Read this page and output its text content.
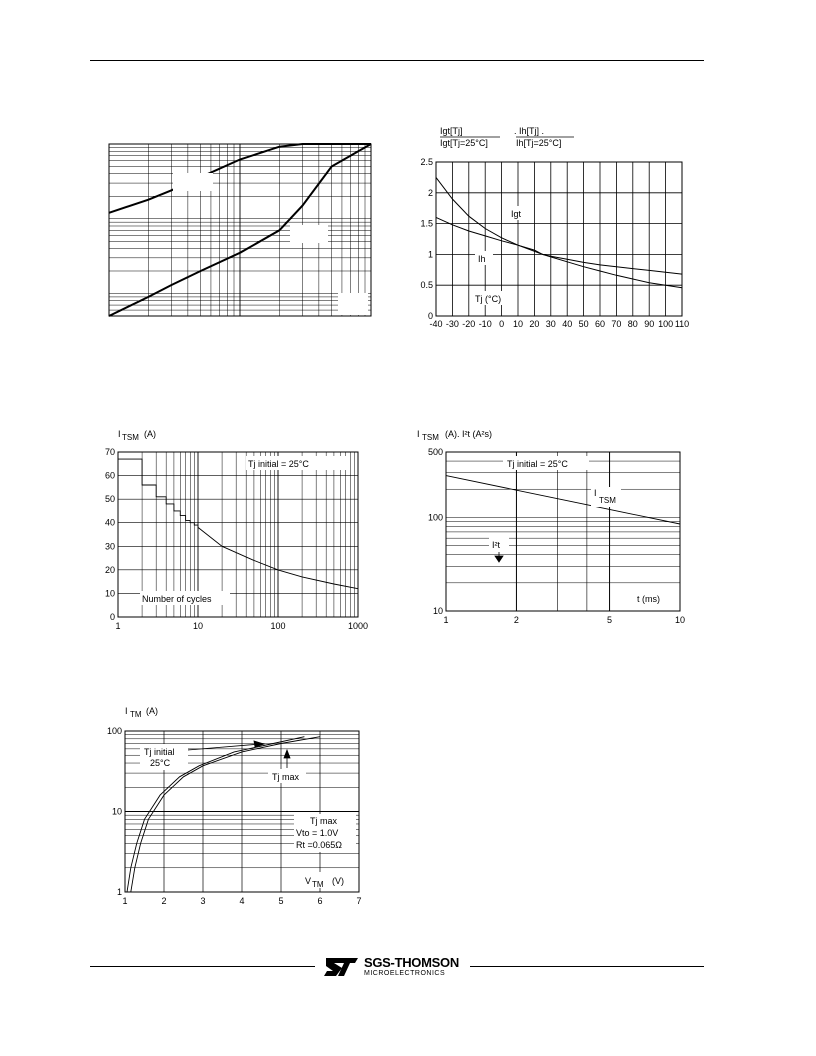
Igt[Tj]
Igt[Tj=25°C]
. Ih[Tj] .
Ih[Tj=25°C]
-40 -30 -20 -10 0 10 20 30 40 50 60 70 80 90 100 110
0
0.5
1
1.5
2
2.5
Igt
Ih
Tj (°C)
I TSM (A)
0
10
20
30
40
50
60
70
1	10	100	1000
Tj initial = 25°C
Number of cycles
I TSM (A). I²t (A²s)
10
100
500
1	2	5	10
Tj initial = 25°C
I
TSM
I²t
t (ms)
I TM (A)
1	2	3	4	5	6	7
1
10
100
Tj initial
25°C
Tj max
Tj max
Vto = 1.0V
Rt =0.065Ω
V TM (V)
SGS-THOMSON
MICROELECTRONICS
